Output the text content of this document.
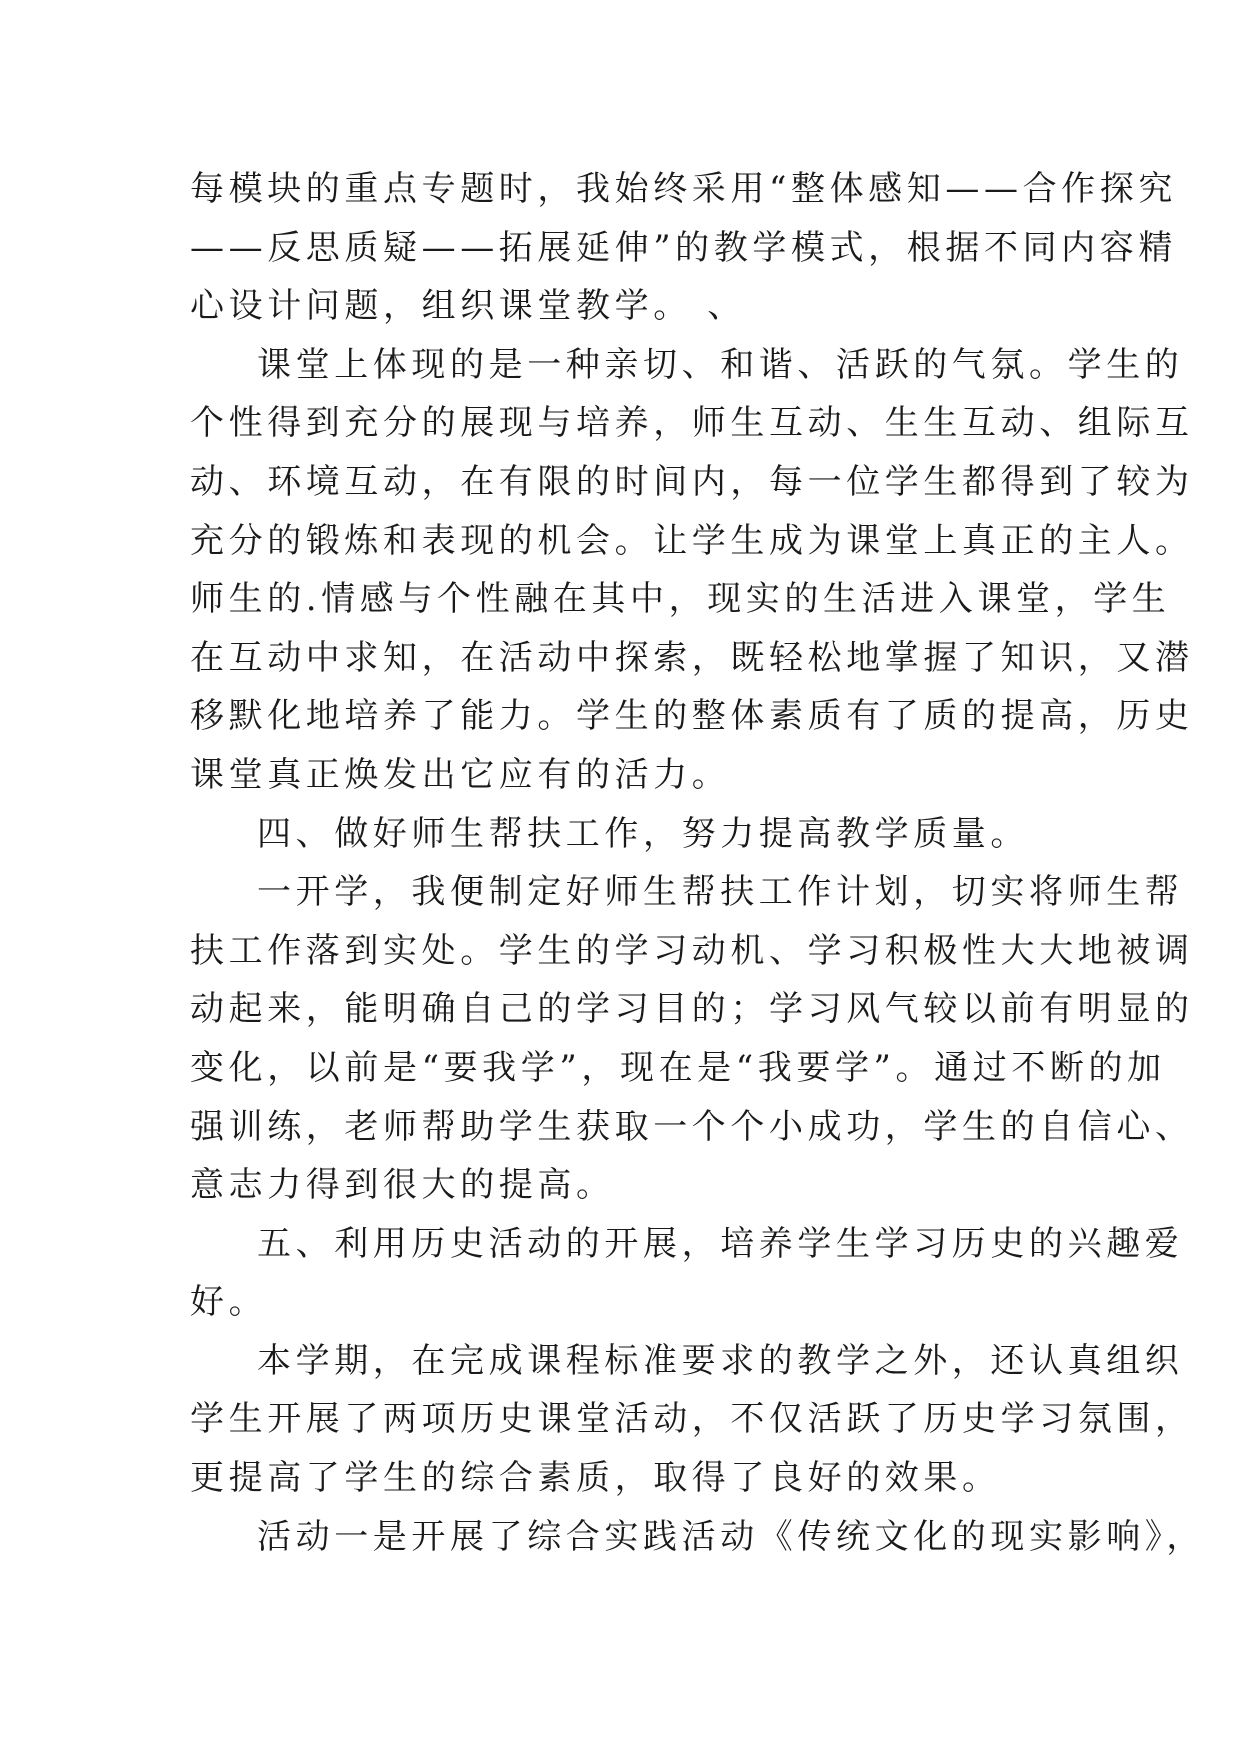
每模块的重点专题时，我始终采用“整体感知——合作探究
——反思质疑——拓展延伸”的教学模式，根据不同内容精
心设计问题，组织课堂教学。 、
课堂上体现的是一种亲切、和谐、活跃的气氛。学生的
个性得到充分的展现与培养，师生互动、生生互动、组际互
动、环境互动，在有限的时间内，每一位学生都得到了较为
充分的锻炼和表现的机会。让学生成为课堂上真正的主人。
师生的.情感与个性融在其中，现实的生活进入课堂，学生
在互动中求知，在活动中探索，既轻松地掌握了知识，又潜
移默化地培养了能力。学生的整体素质有了质的提高，历史
课堂真正焕发出它应有的活力。
四、做好师生帮扶工作，努力提高教学质量。
一开学，我便制定好师生帮扶工作计划，切实将师生帮
扶工作落到实处。学生的学习动机、学习积极性大大地被调
动起来，能明确自己的学习目的；学习风气较以前有明显的
变化，以前是“要我学”，现在是“我要学”。通过不断的加
强训练，老师帮助学生获取一个个小成功，学生的自信心、
意志力得到很大的提高。
五、利用历史活动的开展，培养学生学习历史的兴趣爱
好。
本学期，在完成课程标准要求的教学之外，还认真组织
学生开展了两项历史课堂活动，不仅活跃了历史学习氛围，
更提高了学生的综合素质，取得了良好的效果。
活动一是开展了综合实践活动《传统文化的现实影响》，
